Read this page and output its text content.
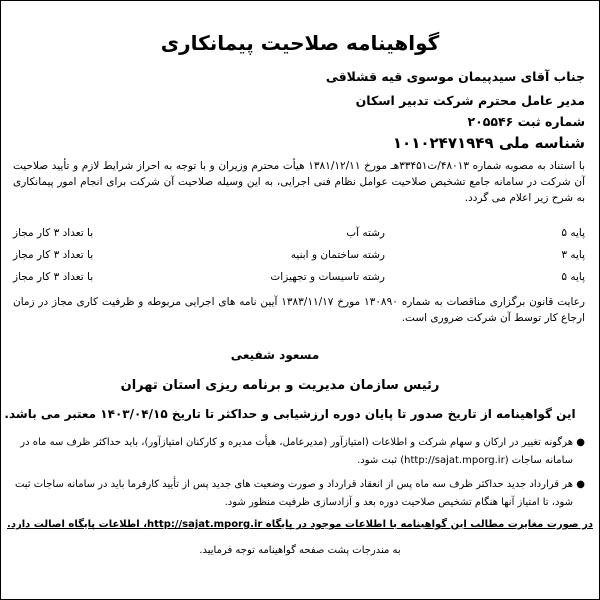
گواهینامه صلاحیت پیمانکاری
جناب آقای سیدپیمان موسوی قیه قشلاقی
مدیر عامل محترم شرکت تدبیر اسکان
شماره ثبت ۲۰۵۵۴۶
شناسه ملی ۱۰۱۰۲۴۷۱۹۴۹
با استناد به مصوبه شماره ۴۸۰۱۳/ت۳۳۴۵۱هـ مورخ ۱۳۸۱/۱۲/۱۱ هیأت محترم وزیران و با توجه به احراز شرایط لازم و تأیید صلاحیت آن شرکت در سامانه جامع تشخیص صلاحیت عوامل نظام فنی اجرایی، به این وسیله صلاحیت آن شرکت برای انجام امور پیمانکاری به شرح زیر اعلام می گردد.
پایه ۵
رشته آب
با تعداد ۳ کار مجاز
پایه ۳
رشته ساختمان و ابنیه
با تعداد ۳ کار مجاز
پایه ۵
رشته تاسیسات و تجهیزات
با تعداد ۳ کار مجاز
رعایت قانون برگزاری مناقصات به شماره ۱۳۰۸۹۰ مورخ ۱۳۸۳/۱۱/۱۷ آیین نامه های اجرایی مربوطه و ظرفیت کاری مجاز در زمان ارجاع کار توسط آن شرکت ضروری است.
مسعود شفیعی
رئیس سازمان مدیریت و برنامه ریزی استان تهران
این گواهینامه از تاریخ صدور تا پایان دوره ارزشیابی و حداکثر تا تاریخ ۱۴۰۳/۰۴/۱۵ معتبر می باشد.
●
هرگونه تغییر در ارکان و سهام شرکت و اطلاعات (امتیازآور (مدیرعامل، هیأت مدیره و کارکنان امتیازآور)، باید حداکثر ظرف سه ماه در سامانه ساجات (http://sajat.mporg.ir) ثبت شود.
●
هر قرارداد جدید حداکثر ظرف سه ماه پس از انعقاد قرارداد و صورت وضعیت های جدید پس از تأیید کارفرما باید در سامانه ساجات ثبت شود، تا امتیاز آنها هنگام تشخیص صلاحیت دوره بعد و آزادسازی ظرفیت منظور شود.
در صورت مغایرت مطالب این گواهینامه با اطلاعات موجود در پایگاه http://sajat.mporg.ir، اطلاعات پایگاه اصالت دارد.
به مندرجات پشت صفحه گواهینامه توجه فرمایید.
